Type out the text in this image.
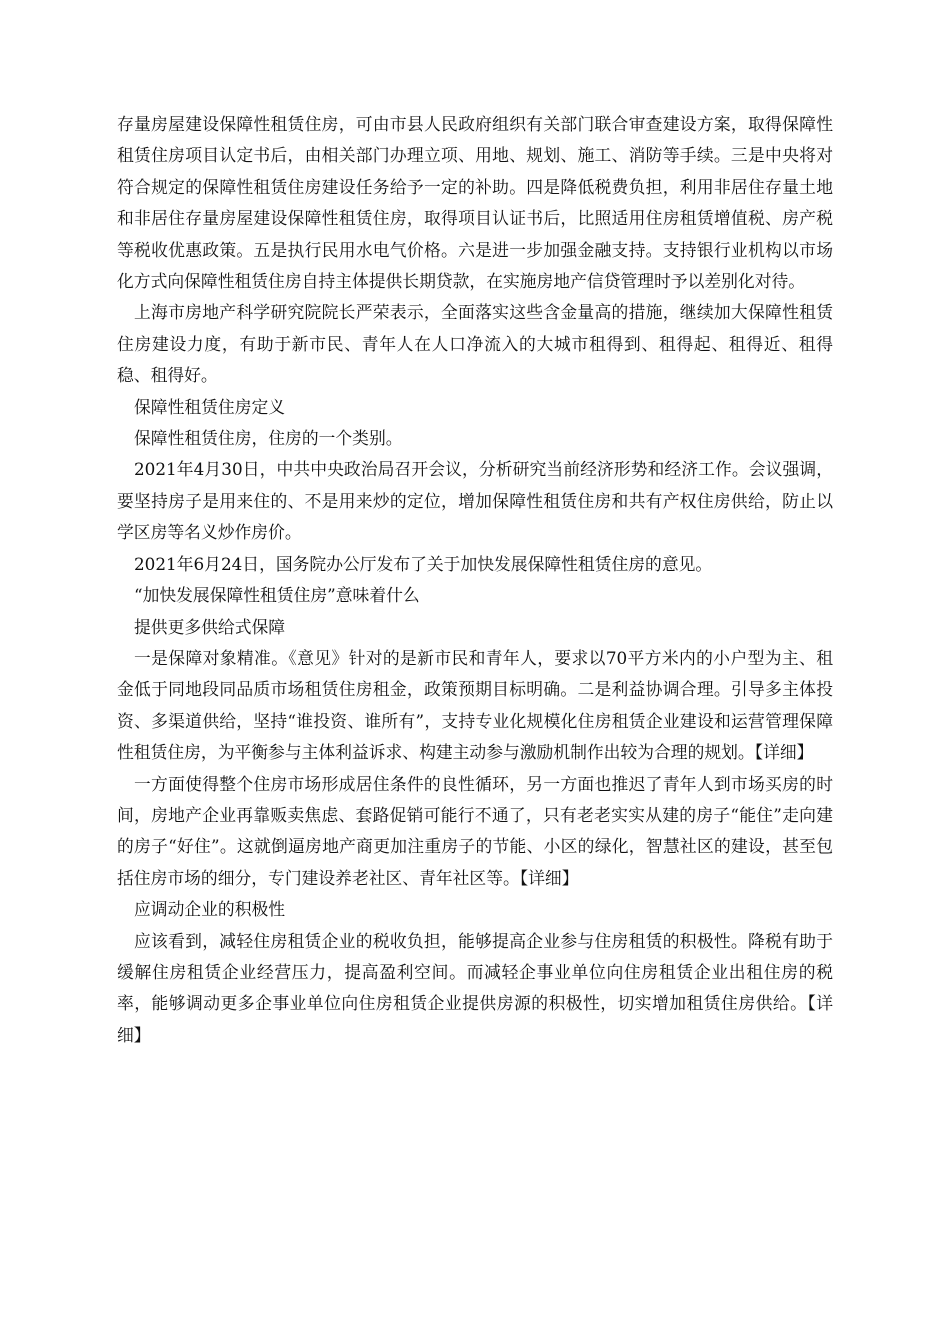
存量房屋建设保障性租赁住房，可由市县人民政府组织有关部门联合审查建设方案，取得保障性租赁住房项目认定书后，由相关部门办理立项、用地、规划、施工、消防等手续。三是中央将对符合规定的保障性租赁住房建设任务给予一定的补助。四是降低税费负担，利用非居住存量土地和非居住存量房屋建设保障性租赁住房，取得项目认证书后，比照适用住房租赁增值税、房产税等税收优惠政策。五是执行民用水电气价格。六是进一步加强金融支持。支持银行业机构以市场化方式向保障性租赁住房自持主体提供长期贷款，在实施房地产信贷管理时予以差别化对待。

上海市房地产科学研究院院长严荣表示，全面落实这些含金量高的措施，继续加大保障性租赁住房建设力度，有助于新市民、青年人在人口净流入的大城市租得到、租得起、租得近、租得稳、租得好。

保障性租赁住房定义

保障性租赁住房，住房的一个类别。

2021年4月30日，中共中央政治局召开会议，分析研究当前经济形势和经济工作。会议强调，要坚持房子是用来住的、不是用来炒的定位，增加保障性租赁住房和共有产权住房供给，防止以学区房等名义炒作房价。

2021年6月24日，国务院办公厅发布了关于加快发展保障性租赁住房的意见。

“加快发展保障性租赁住房”意味着什么

提供更多供给式保障

一是保障对象精准。《意见》针对的是新市民和青年人，要求以70平方米内的小户型为主、租金低于同地段同品质市场租赁住房租金，政策预期目标明确。二是利益协调合理。引导多主体投资、多渠道供给，坚持“谁投资、谁所有”，支持专业化规模化住房租赁企业建设和运营管理保障性租赁住房，为平衡参与主体利益诉求、构建主动参与激励机制作出较为合理的规划。【详细】

一方面使得整个住房市场形成居住条件的良性循环，另一方面也推迟了青年人到市场买房的时间，房地产企业再靠贩卖焦虑、套路促销可能行不通了，只有老老实实从建的房子“能住”走向建的房子“好住”。这就倒逼房地产商更加注重房子的节能、小区的绿化，智慧社区的建设，甚至包括住房市场的细分，专门建设养老社区、青年社区等。【详细】

应调动企业的积极性

应该看到，减轻住房租赁企业的税收负担，能够提高企业参与住房租赁的积极性。降税有助于缓解住房租赁企业经营压力，提高盈利空间。而减轻企事业单位向住房租赁企业出租住房的税率，能够调动更多企事业单位向住房租赁企业提供房源的积极性，切实增加租赁住房供给。【详细】
